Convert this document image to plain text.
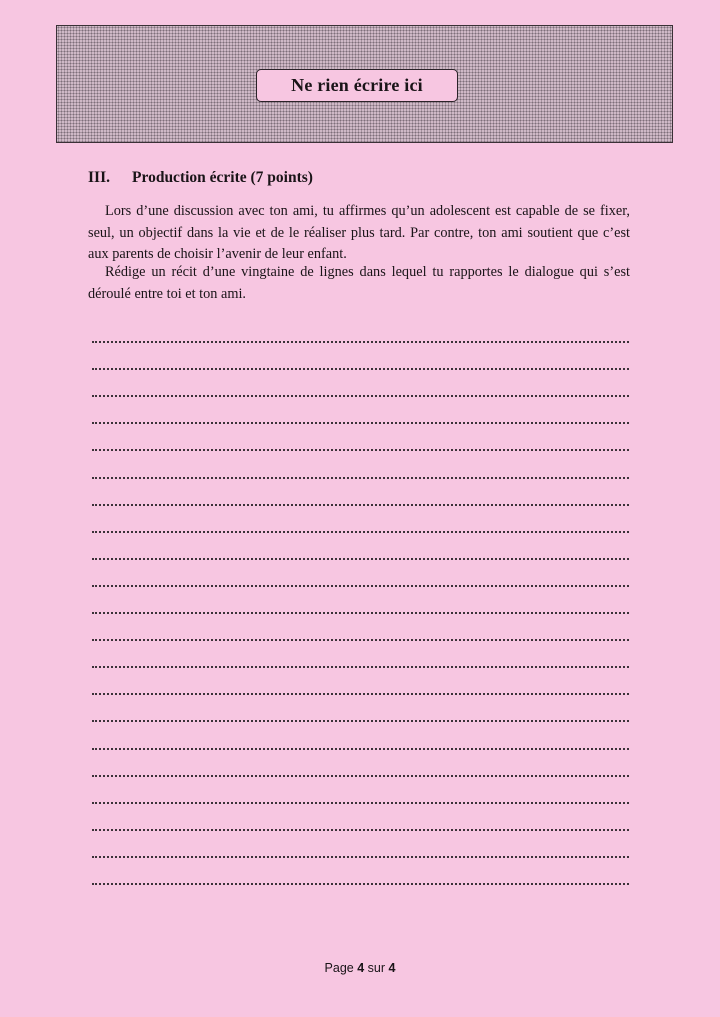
Ne rien écrire ici
III. Production écrite (7 points)
Lors d’une discussion avec ton ami, tu affirmes qu’un adolescent est capable de se fixer, seul, un objectif dans la vie et de le réaliser plus tard. Par contre, ton ami soutient que c’est aux parents de choisir l’avenir de leur enfant.
Rédige un récit d’une vingtaine de lignes dans lequel tu rapportes le dialogue qui s’est déroulé entre toi et ton ami.
Page 4 sur 4
